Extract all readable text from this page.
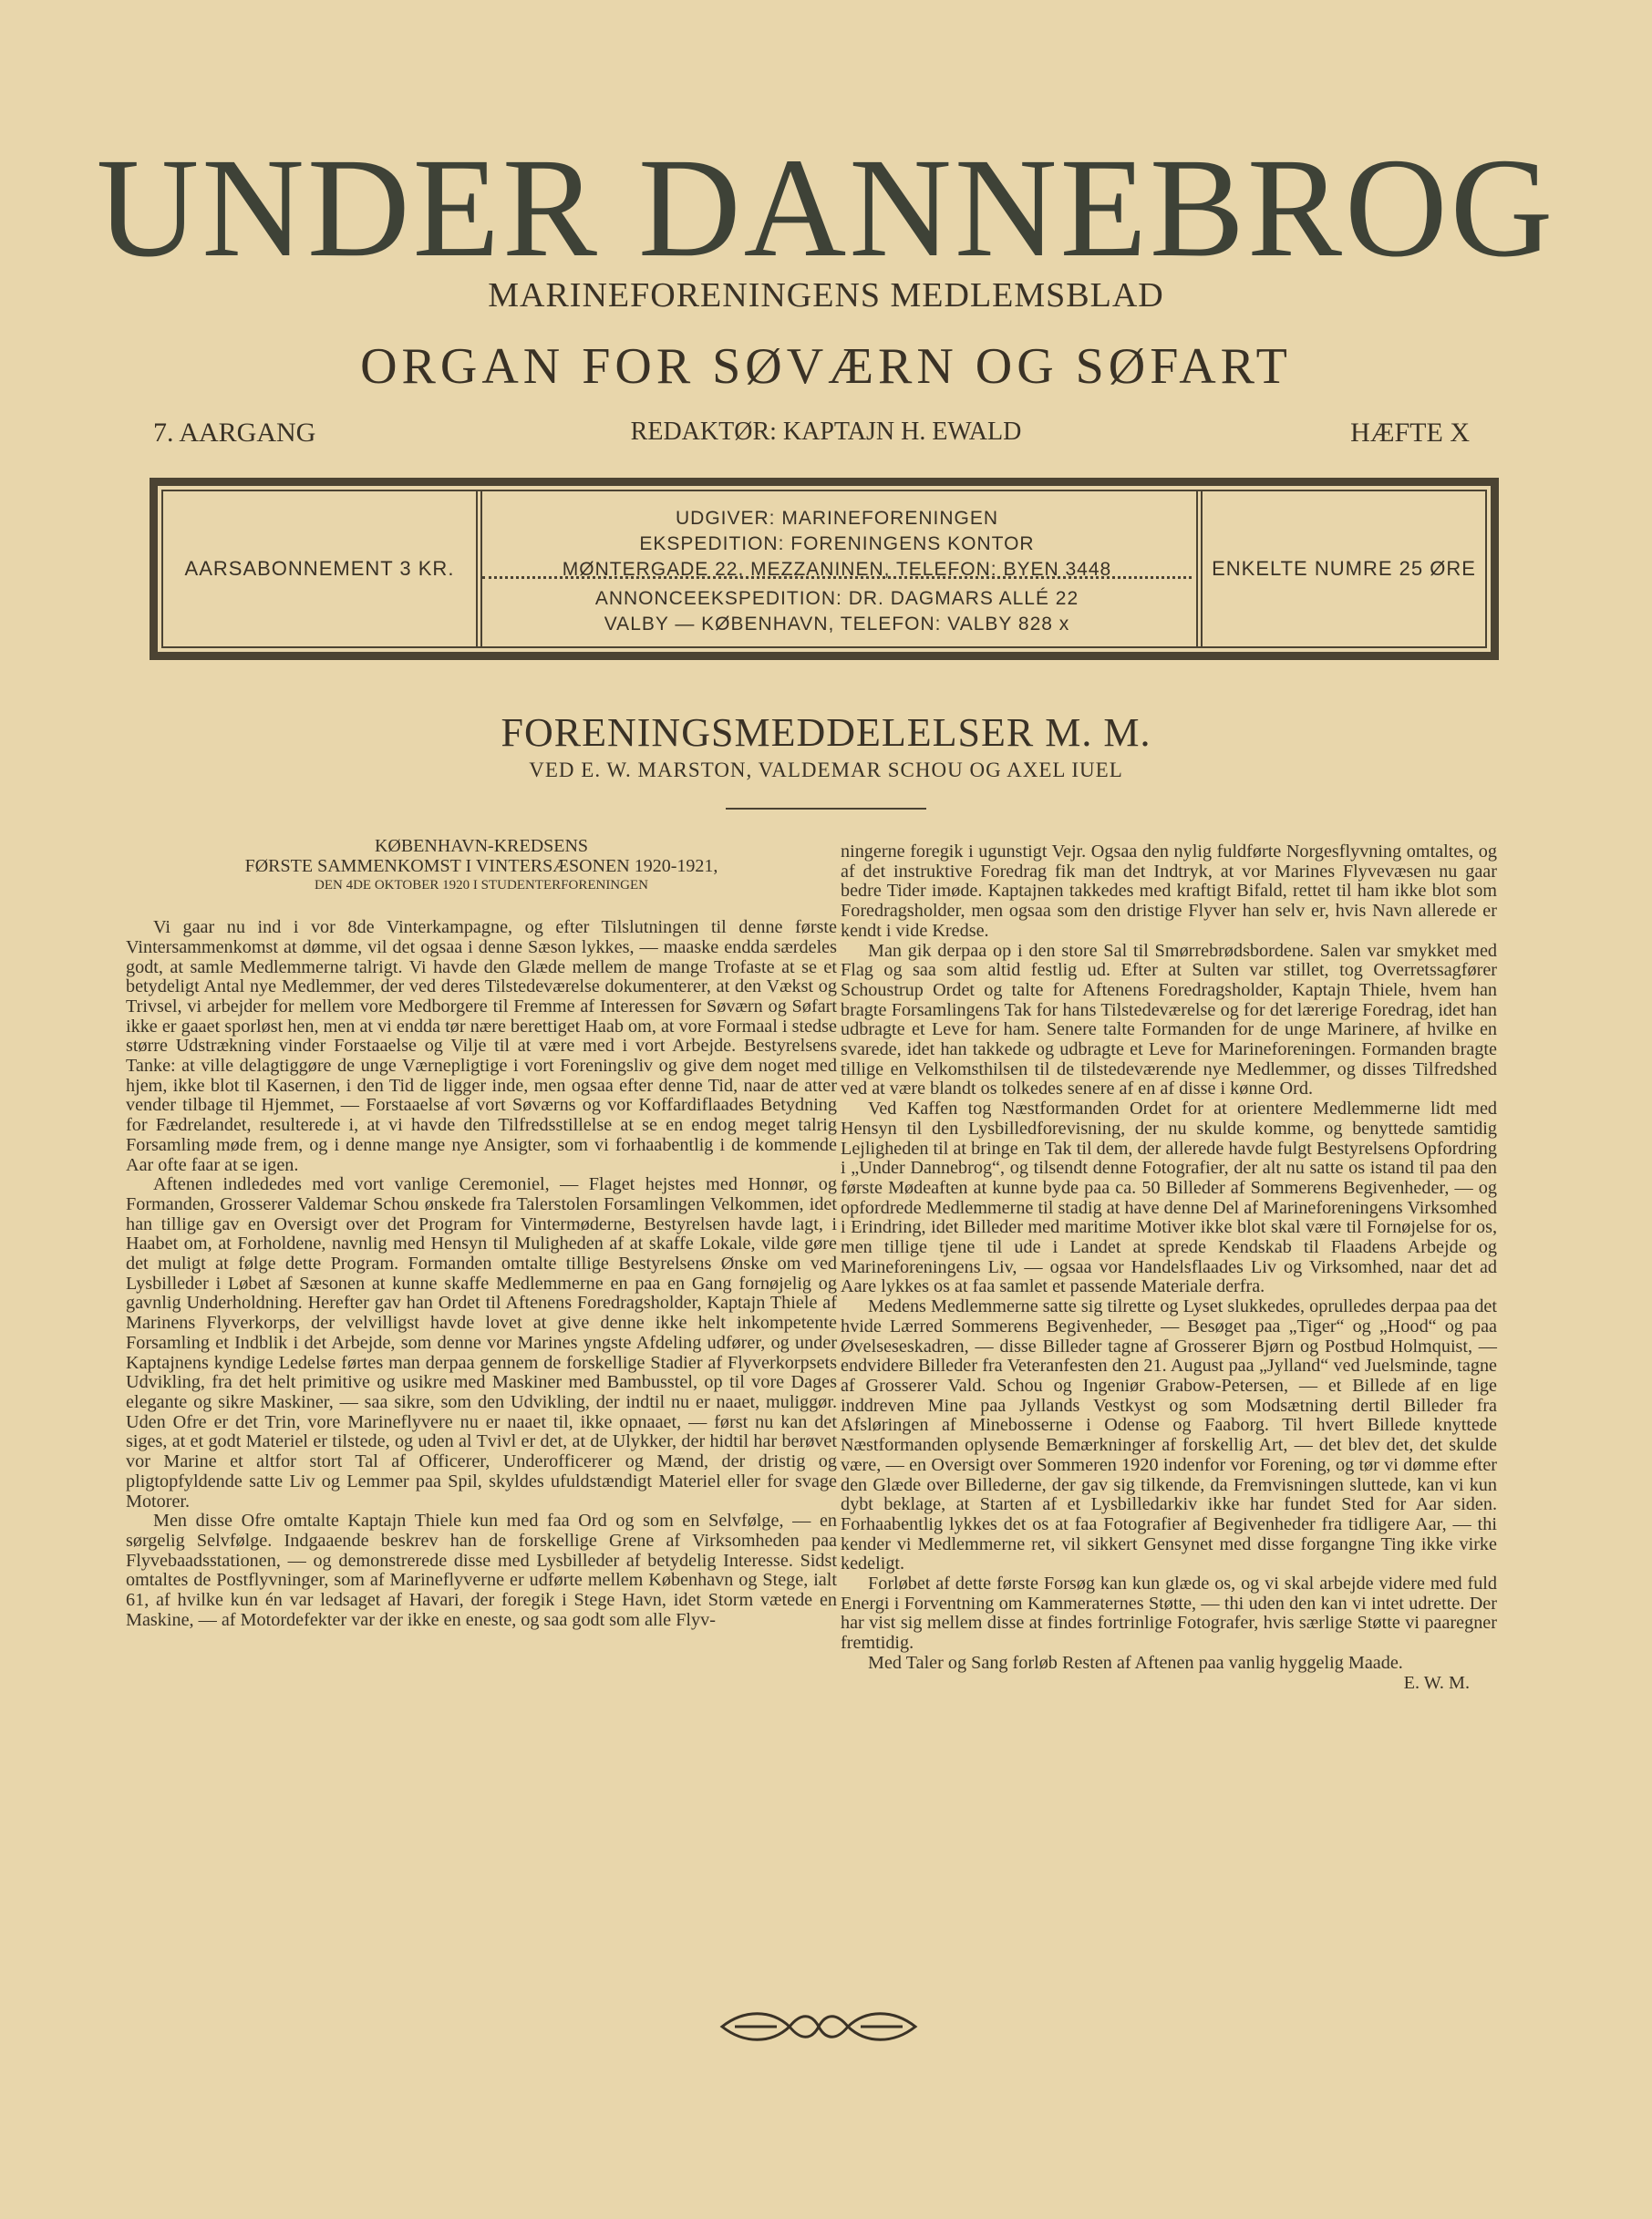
UNDER DANNEBROG
MARINEFORENINGENS MEDLEMSBLAD
ORGAN FOR SØVÆRN OG SØFART
7. AARGANG	REDAKTØR: KAPTAJN H. EWALD	HÆFTE X
AARSABONNEMENT 3 KR.
UDGIVER: MARINEFORENINGEN
EKSPEDITION: FORENINGENS KONTOR
MØNTERGADE 22, MEZZANINEN, TELEFON: BYEN 3448
ANNONCEEKSPEDITION: DR. DAGMARS ALLÉ 22
VALBY — KØBENHAVN, TELEFON: VALBY 828 x
ENKELTE NUMRE 25 ØRE
FORENINGSMEDDELELSER M. M.
VED E. W. MARSTON, VALDEMAR SCHOU OG AXEL IUEL

KØBENHAVN-KREDSENS

FØRSTE SAMMENKOMST I VINTERSÆSONEN 1920-1921,

DEN 4DE OKTOBER 1920 I STUDENTERFORENINGEN

Vi gaar nu ind i vor 8de Vinterkampagne, og efter Tilslutningen til denne første Vintersammenkomst at dømme, vil det ogsaa i denne Sæson lykkes, — maaske endda særdeles godt, at samle Medlemmerne talrigt. Vi havde den Glæde mellem de mange Trofaste at se et betydeligt Antal nye Medlemmer, der ved deres Tilstedeværelse dokumenterer, at den Vækst og Trivsel, vi arbejder for mellem vore Medborgere til Fremme af Interessen for Søværn og Søfart ikke er gaaet sporløst hen, men at vi endda tør nære berettiget Haab om, at vore Formaal i stedse større Udstrækning vinder Forstaaelse og Vilje til at være med i vort Arbejde. Bestyrelsens Tanke: at ville delagtiggøre de unge Værnepligtige i vort Foreningsliv og give dem noget med hjem, ikke blot til Kasernen, i den Tid de ligger inde, men ogsaa efter denne Tid, naar de atter vender tilbage til Hjemmet, — Forstaaelse af vort Søværns og vor Koffardiflaades Betydning for Fædrelandet, resulterede i, at vi havde den Tilfredsstillelse at se en endog meget talrig Forsamling møde frem, og i denne mange nye Ansigter, som vi forhaabentlig i de kommende Aar ofte faar at se igen.

Aftenen indlededes med vort vanlige Ceremoniel, — Flaget hejstes med Honnør, og Formanden, Grosserer Valdemar Schou ønskede fra Talerstolen Forsamlingen Velkommen, idet han tillige gav en Oversigt over det Program for Vintermøderne, Bestyrelsen havde lagt, i Haabet om, at Forholdene, navnlig med Hensyn til Muligheden af at skaffe Lokale, vilde gøre det muligt at følge dette Program. Formanden omtalte tillige Bestyrelsens Ønske om ved Lysbilleder i Løbet af Sæsonen at kunne skaffe Medlemmerne en paa en Gang fornøjelig og gavnlig Underholdning. Herefter gav han Ordet til Aftenens Foredragsholder, Kaptajn Thiele af Marinens Flyverkorps, der velvilligst havde lovet at give denne ikke helt inkompetente Forsamling et Indblik i det Arbejde, som denne vor Marines yngste Afdeling udfører, og under Kaptajnens kyndige Ledelse førtes man derpaa gennem de forskellige Stadier af Flyverkorpsets Udvikling, fra det helt primitive og usikre med Maskiner med Bambusstel, op til vore Dages elegante og sikre Maskiner, — saa sikre, som den Udvikling, der indtil nu er naaet, muliggør. Uden Ofre er det Trin, vore Marineflyvere nu er naaet til, ikke opnaaet, — først nu kan det siges, at et godt Materiel er tilstede, og uden al Tvivl er det, at de Ulykker, der hidtil har berøvet vor Marine et altfor stort Tal af Officerer, Underofficerer og Mænd, der dristig og pligtopfyldende satte Liv og Lemmer paa Spil, skyldes ufuldstændigt Materiel eller for svage Motorer.

Men disse Ofre omtalte Kaptajn Thiele kun med faa Ord og som en Selvfølge, — en sørgelig Selvfølge. Indgaaende beskrev han de forskellige Grene af Virksomheden paa Flyvebaadsstationen, — og demonstrerede disse med Lysbilleder af betydelig Interesse. Sidst omtaltes de Postflyvninger, som af Marineflyverne er udførte mellem København og Stege, ialt 61, af hvilke kun én var ledsaget af Havari, der foregik i Stege Havn, idet Storm vætede en Maskine, — af Motordefekter var der ikke en eneste, og saa godt som alle Flyv-

ningerne foregik i ugunstigt Vejr. Ogsaa den nylig fuldførte Norgesflyvning omtaltes, og af det instruktive Foredrag fik man det Indtryk, at vor Marines Flyvevæsen nu gaar bedre Tider imøde. Kaptajnen takkedes med kraftigt Bifald, rettet til ham ikke blot som Foredragsholder, men ogsaa som den dristige Flyver han selv er, hvis Navn allerede er kendt i vide Kredse.

Man gik derpaa op i den store Sal til Smørrebrødsbordene. Salen var smykket med Flag og saa som altid festlig ud. Efter at Sulten var stillet, tog Overretssagfører Schoustrup Ordet og talte for Aftenens Foredragsholder, Kaptajn Thiele, hvem han bragte Forsamlingens Tak for hans Tilstedeværelse og for det lærerige Foredrag, idet han udbragte et Leve for ham. Senere talte Formanden for de unge Marinere, af hvilke en svarede, idet han takkede og udbragte et Leve for Marineforeningen. Formanden bragte tillige en Velkomsthilsen til de tilstedeværende nye Medlemmer, og disses Tilfredshed ved at være blandt os tolkedes senere af en af disse i kønne Ord.

Ved Kaffen tog Næstformanden Ordet for at orientere Medlemmerne lidt med Hensyn til den Lysbilledforevisning, der nu skulde komme, og benyttede samtidig Lejligheden til at bringe en Tak til dem, der allerede havde fulgt Bestyrelsens Opfordring i „Under Dannebrog“, og tilsendt denne Fotografier, der alt nu satte os istand til paa den første Mødeaften at kunne byde paa ca. 50 Billeder af Sommerens Begivenheder, — og opfordrede Medlemmerne til stadig at have denne Del af Marineforeningens Virksomhed i Erindring, idet Billeder med maritime Motiver ikke blot skal være til Fornøjelse for os, men tillige tjene til ude i Landet at sprede Kendskab til Flaadens Arbejde og Marineforeningens Liv, — ogsaa vor Handelsflaades Liv og Virksomhed, naar det ad Aare lykkes os at faa samlet et passende Materiale derfra.

Medens Medlemmerne satte sig tilrette og Lyset slukkedes, oprulledes derpaa paa det hvide Lærred Sommerens Begivenheder, — Besøget paa „Tiger“ og „Hood“ og paa Øvelseseskadren, — disse Billeder tagne af Grosserer Bjørn og Postbud Holmquist, — endvidere Billeder fra Veteranfesten den 21. August paa „Jylland“ ved Juelsminde, tagne af Grosserer Vald. Schou og Ingeniør Grabow-Petersen, — et Billede af en lige inddreven Mine paa Jyllands Vestkyst og som Modsætning dertil Billeder fra Afsløringen af Minebosserne i Odense og Faaborg. Til hvert Billede knyttede Næstformanden oplysende Bemærkninger af forskellig Art, — det blev det, det skulde være, — en Oversigt over Sommeren 1920 indenfor vor Forening, og tør vi dømme efter den Glæde over Billederne, der gav sig tilkende, da Fremvisningen sluttede, kan vi kun dybt beklage, at Starten af et Lysbilledarkiv ikke har fundet Sted for Aar siden. Forhaabentlig lykkes det os at faa Fotografier af Begivenheder fra tidligere Aar, — thi kender vi Medlemmerne ret, vil sikkert Gensynet med disse forgangne Ting ikke virke kedeligt.

Forløbet af dette første Forsøg kan kun glæde os, og vi skal arbejde videre med fuld Energi i Forventning om Kammeraternes Støtte, — thi uden den kan vi intet udrette. Der har vist sig mellem disse at findes fortrinlige Fotografer, hvis særlige Støtte vi paaregner fremtidig.

Med Taler og Sang forløb Resten af Aftenen paa vanlig hyggelig Maade.

E. W. M.
